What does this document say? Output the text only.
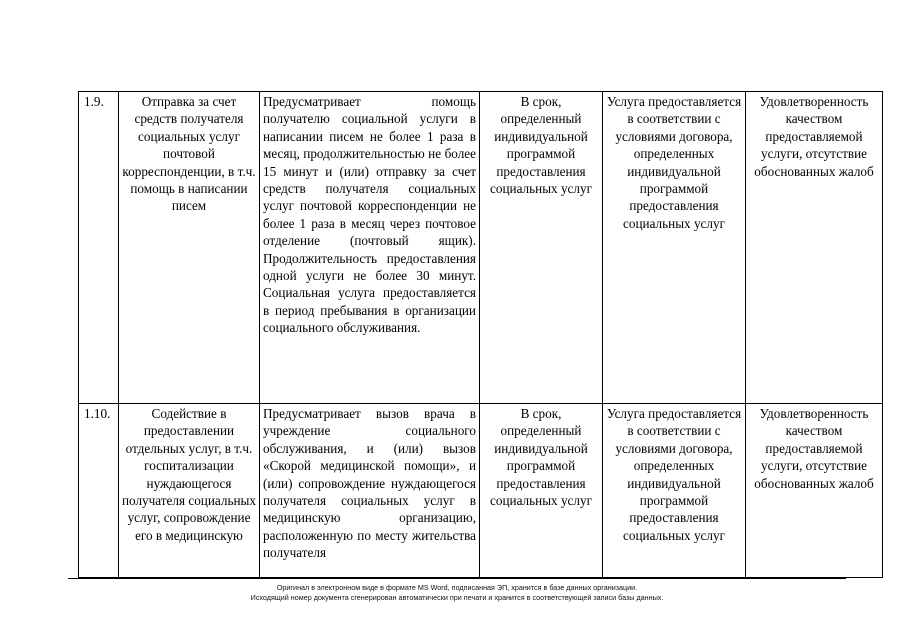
1.9.	Отправка за счет средств получателя социальных услуг почтовой корреспонденции, в т.ч. помощь в написании писем	Предусматривает помощь получателю социальной услуги в написании писем не более 1 раза в месяц, продолжительностью не более 15 минут и (или) отправку за счет средств получателя социальных услуг почтовой корреспонденции не более 1 раза в месяц через почтовое отделение (почтовый ящик). Продолжительность предоставления одной услуги не более 30 минут. Социальная услуга предоставляется в период пребывания в организации социального обслуживания.	В срок, определенный индивидуальной программой предоставления социальных услуг	Услуга предоставляется в соответствии с условиями договора, определенных индивидуальной программой предоставления социальных услуг	Удовлетворенность качеством предоставляемой услуги, отсутствие обоснованных жалоб
1.10.	Содействие в предоставлении отдельных услуг, в т.ч. госпитализации нуждающегося получателя социальных услуг, сопровождение его в медицинскую	Предусматривает вызов врача в учреждение социального обслуживания, и (или) вызов «Скорой медицинской помощи», и (или) сопровождение нуждающегося получателя социальных услуг в медицинскую организацию, расположенную по месту жительства получателя	В срок, определенный индивидуальной программой предоставления социальных услуг	Услуга предоставляется в соответствии с условиями договора, определенных индивидуальной программой предоставления социальных услуг	Удовлетворенность качеством предоставляемой услуги, отсутствие обоснованных жалоб
Оригинал в электронном виде в формате MS Word, подписанная ЭП, хранится в базе данных организации.
Исходящий номер документа сгенерирован автоматически при печати и хранится в соответствующей записи базы данных.
